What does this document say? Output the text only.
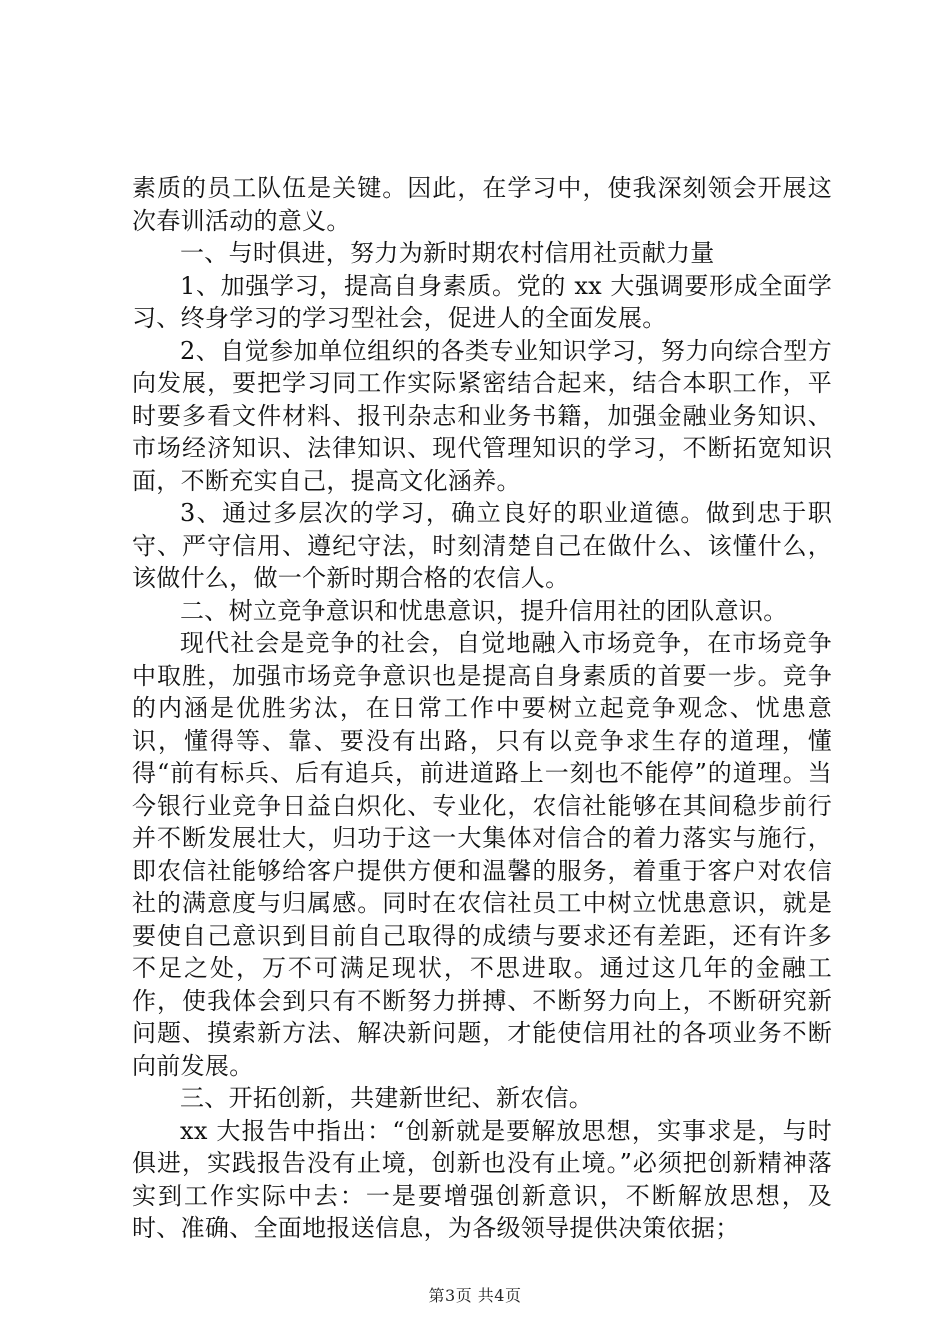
素质的员工队伍是关键。因此，在学习中，使我深刻领会开展这次春训活动的意义。

一、与时俱进，努力为新时期农村信用社贡献力量

1、加强学习，提高自身素质。党的 xx 大强调要形成全面学习、终身学习的学习型社会，促进人的全面发展。

2、自觉参加单位组织的各类专业知识学习，努力向综合型方向发展，要把学习同工作实际紧密结合起来，结合本职工作，平时要多看文件材料、报刊杂志和业务书籍，加强金融业务知识、市场经济知识、法律知识、现代管理知识的学习，不断拓宽知识面，不断充实自己，提高文化涵养。

3、通过多层次的学习，确立良好的职业道德。做到忠于职守、严守信用、遵纪守法，时刻清楚自己在做什么、该懂什么，该做什么，做一个新时期合格的农信人。

二、树立竞争意识和忧患意识，提升信用社的团队意识。

现代社会是竞争的社会，自觉地融入市场竞争，在市场竞争中取胜，加强市场竞争意识也是提高自身素质的首要一步。竞争的内涵是优胜劣汰，在日常工作中要树立起竞争观念、忧患意识，懂得等、靠、要没有出路，只有以竞争求生存的道理，懂得“前有标兵、后有追兵，前进道路上一刻也不能停”的道理。当今银行业竞争日益白炽化、专业化，农信社能够在其间稳步前行并不断发展壮大，归功于这一大集体对信合的着力落实与施行，即农信社能够给客户提供方便和温馨的服务，着重于客户对农信社的满意度与归属感。同时在农信社员工中树立忧患意识，就是要使自己意识到目前自己取得的成绩与要求还有差距，还有许多不足之处，万不可满足现状，不思进取。通过这几年的金融工作，使我体会到只有不断努力拼搏、不断努力向上，不断研究新问题、摸索新方法、解决新问题，才能使信用社的各项业务不断向前发展。

三、开拓创新，共建新世纪、新农信。

xx 大报告中指出：“创新就是要解放思想，实事求是，与时俱进，实践报告没有止境，创新也没有止境。”必须把创新精神落实到工作实际中去：一是要增强创新意识，不断解放思想，及时、准确、全面地报送信息，为各级领导提供决策依据；

第3页 共4页
